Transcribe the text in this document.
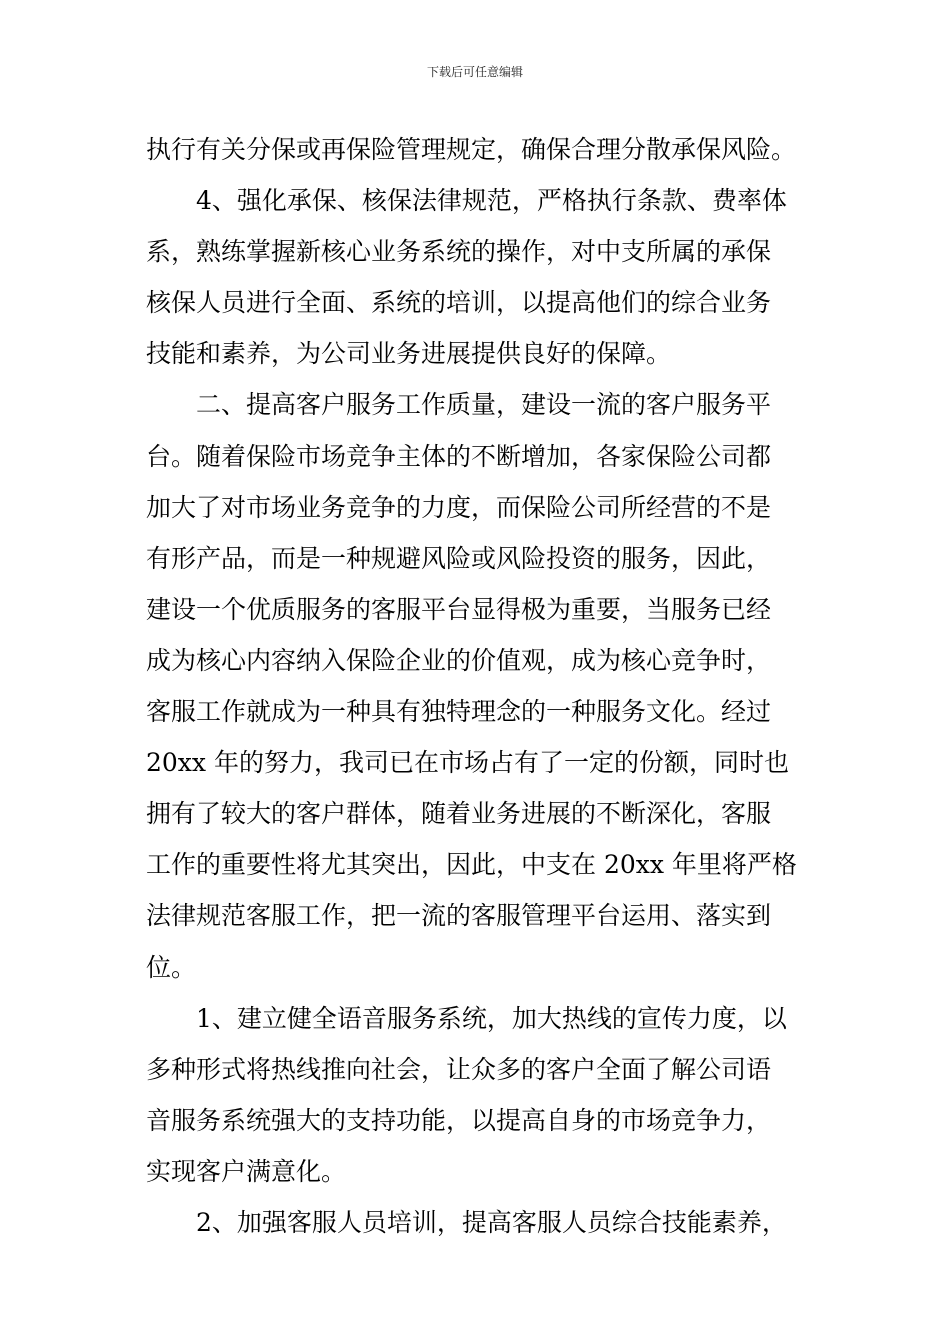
下载后可任意编辑
执行有关分保或再保险管理规定，确保合理分散承保风险。
4、强化承保、核保法律规范，严格执行条款、费率体
系，熟练掌握新核心业务系统的操作，对中支所属的承保
核保人员进行全面、系统的培训，以提高他们的综合业务
技能和素养，为公司业务进展提供良好的保障。
二、提高客户服务工作质量，建设一流的客户服务平
台。随着保险市场竞争主体的不断增加，各家保险公司都
加大了对市场业务竞争的力度，而保险公司所经营的不是
有形产品，而是一种规避风险或风险投资的服务，因此，
建设一个优质服务的客服平台显得极为重要，当服务已经
成为核心内容纳入保险企业的价值观，成为核心竞争时，
客服工作就成为一种具有独特理念的一种服务文化。经过
20xx 年的努力，我司已在市场占有了一定的份额，同时也
拥有了较大的客户群体，随着业务进展的不断深化，客服
工作的重要性将尤其突出，因此，中支在 20xx 年里将严格
法律规范客服工作，把一流的客服管理平台运用、落实到
位。
1、建立健全语音服务系统，加大热线的宣传力度，以
多种形式将热线推向社会，让众多的客户全面了解公司语
音服务系统强大的支持功能，以提高自身的市场竞争力，
实现客户满意化。
2、加强客服人员培训，提高客服人员综合技能素养，
